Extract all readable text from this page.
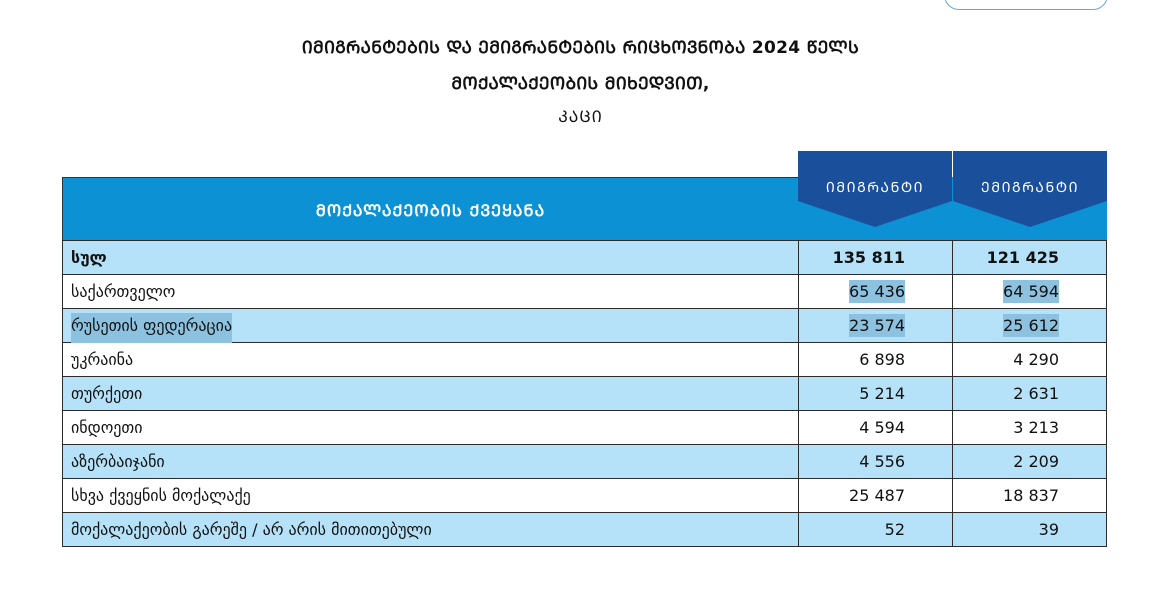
ᲘᲛᲘᲒᲠᲐᲜᲢᲔᲑᲘᲡ ᲓᲐ ᲔᲛᲘᲒᲠᲐᲜᲢᲔᲑᲘᲡ ᲠᲘᲪᲮᲝᲕᲜᲝᲑᲐ 2024 ᲬᲔᲚᲡ
ᲛᲝᲥᲐᲚᲐᲥᲔᲝᲑᲘᲡ ᲛᲘᲮᲔᲓᲕᲘᲗ,
ᲙᲐᲪᲘ
ᲛᲝᲥᲐᲚᲐᲥᲔᲝᲑᲘᲡ ᲥᲕᲔᲧᲐᲜᲐ
ᲘᲛᲘᲒᲠᲐᲜᲢᲘ	ᲔᲛᲘᲒᲠᲐᲜᲢᲘ
სულ	135 811	121 425
საქართველო	65 436	64 594
რუსეთის ფედერაცია	23 574	25 612
უკრაინა	6 898	4 290
თურქეთი	5 214	2 631
ინდოეთი	4 594	3 213
აზერბაიჯანი	4 556	2 209
სხვა ქვეყნის მოქალაქე	25 487	18 837
მოქალაქეობის გარეშე / არ არის მითითებული	52	39
